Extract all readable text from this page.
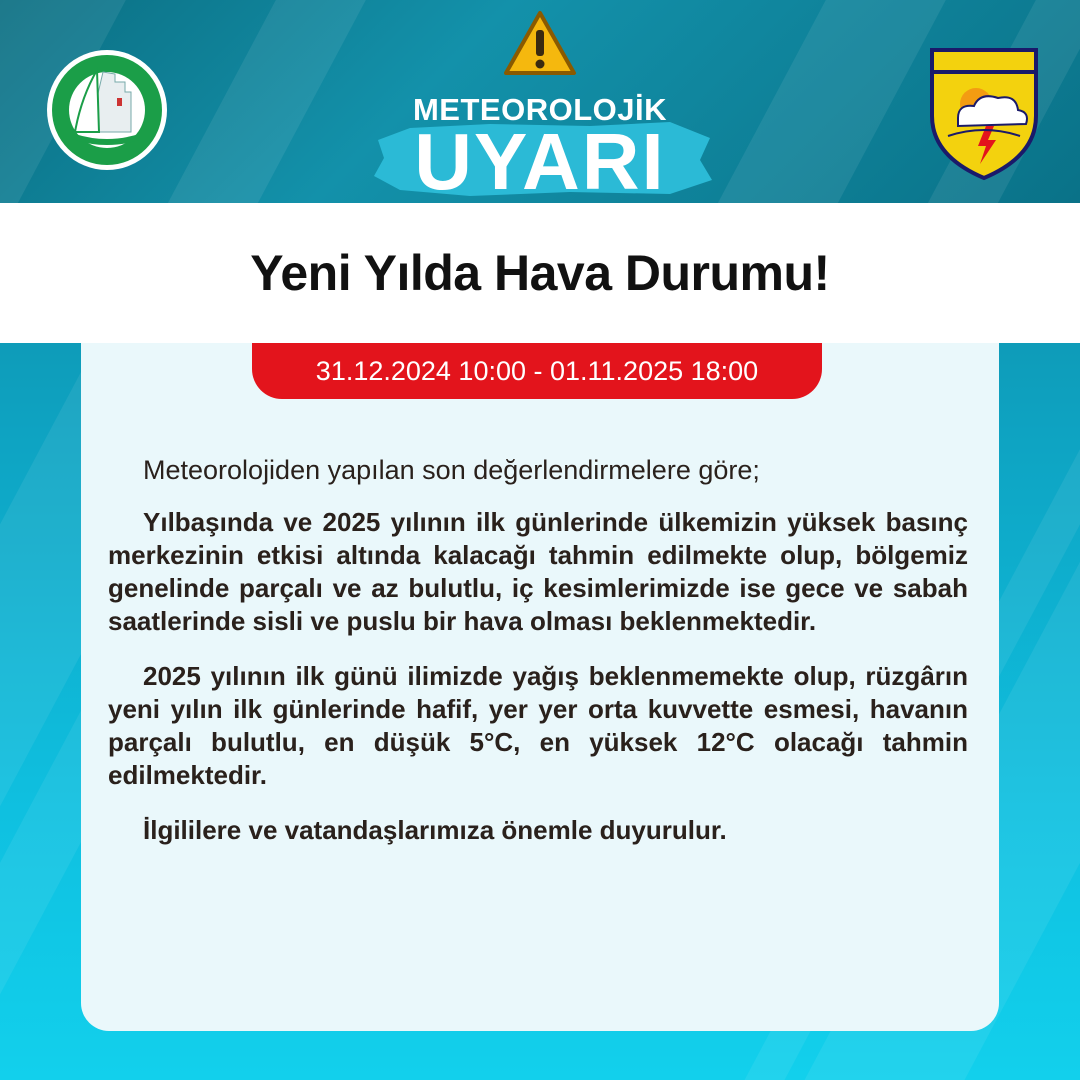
METEOROLOJİK
UYARI
Yeni Yılda Hava Durumu!
31.12.2024 10:00 - 01.11.2025 18:00

Meteorolojiden yapılan son değerlendirmelere göre;

Yılbaşında ve 2025 yılının ilk günlerinde ülkemizin yüksek basınç merkezinin etkisi altında kalacağı tahmin edilmekte olup, bölgemiz genelinde parçalı ve az bulutlu, iç kesimlerimizde ise gece ve sabah saatlerinde sisli ve puslu bir hava olması beklenmektedir.

2025 yılının ilk günü ilimizde yağış beklenmemekte olup, rüzgârın yeni yılın ilk günlerinde hafif, yer yer orta kuvvette esmesi, havanın parçalı bulutlu, en düşük 5°C, en yüksek 12°C olacağı tahmin edilmektedir.

İlgililere ve vatandaşlarımıza önemle duyurulur.
